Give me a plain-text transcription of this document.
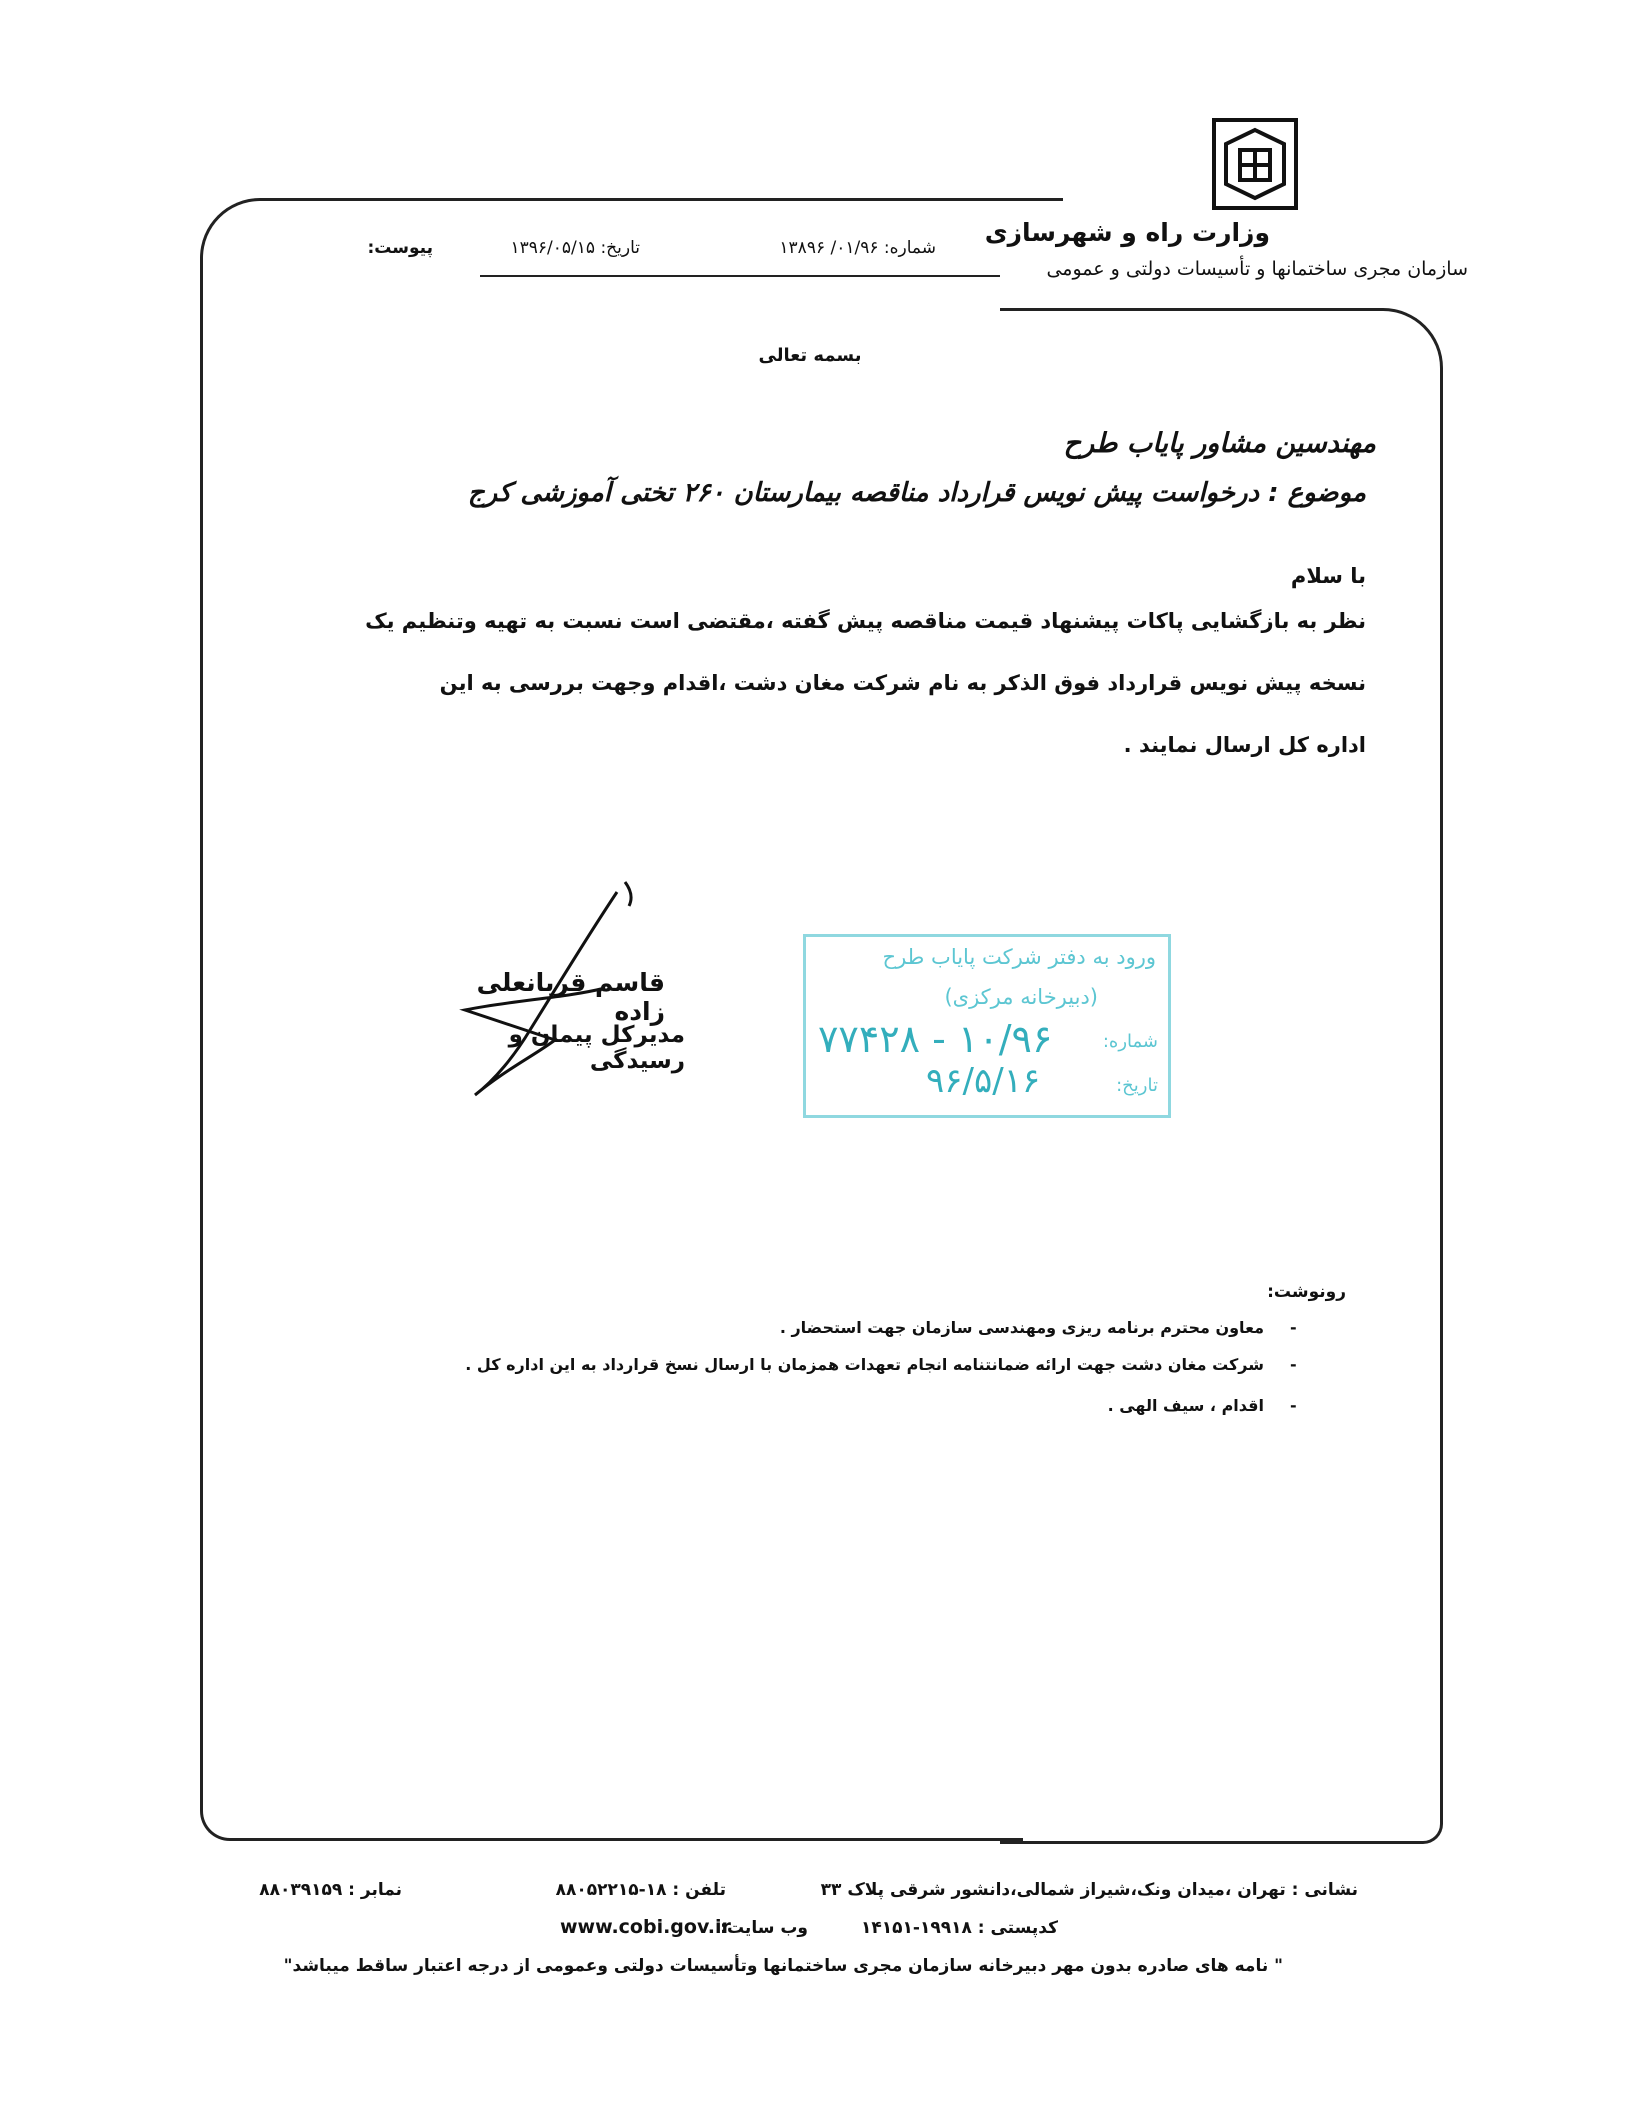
وزارت راه و شهرسازی
سازمان مجری ساختمانها و تأسیسات دولتی و عمومی
شماره: ۰۱/۹۶/ ۱۳۸۹۶
تاریخ: ۱۳۹۶/۰۵/۱۵
پیوست:
بسمه تعالی
مهندسین مشاور پایاب طرح
موضوع : درخواست پیش نویس قرارداد مناقصه بیمارستان ۲۶۰ تختی آموزشی کرج
با سلام
نظر به بازگشایی پاکات پیشنهاد قیمت مناقصه پیش گفته ،مقتضی است نسبت به تهیه وتنظیم یک
نسخه پیش نویس قرارداد فوق الذکر به نام شرکت مغان دشت ،اقدام وجهت بررسی به این
اداره کل ارسال نمایند .
قاسم قربانعلی زاده
مدیرکل پیمان و رسیدگی
ورود به دفتر شرکت پایاب طرح
(دبیرخانه مرکزی)
شماره:
تاریخ:
۱۰/۹۶ - ۷۷۴۲۸
۹۶/۵/۱۶
رونوشت:
-
معاون محترم برنامه ریزی ومهندسی سازمان جهت استحضار .
-
شرکت مغان دشت جهت ارائه ضمانتنامه انجام تعهدات همزمان با ارسال نسخ قرارداد به این اداره کل .
-
اقدام ، سیف الهی .
نشانی : تهران ،میدان ونک،شیراز شمالی،دانشور شرقی پلاک ۳۳
تلفن : ۱۸-۸۸۰۵۲۲۱۵
نمابر : ۸۸۰۳۹۱۵۹
کدپستی : ۱۹۹۱۸-۱۴۱۵۱
وب سایت:
www.cobi.gov.ir
" نامه های صادره بدون مهر دبیرخانه سازمان مجری ساختمانها وتأسیسات دولتی وعمومی از درجه اعتبار ساقط میباشد"
